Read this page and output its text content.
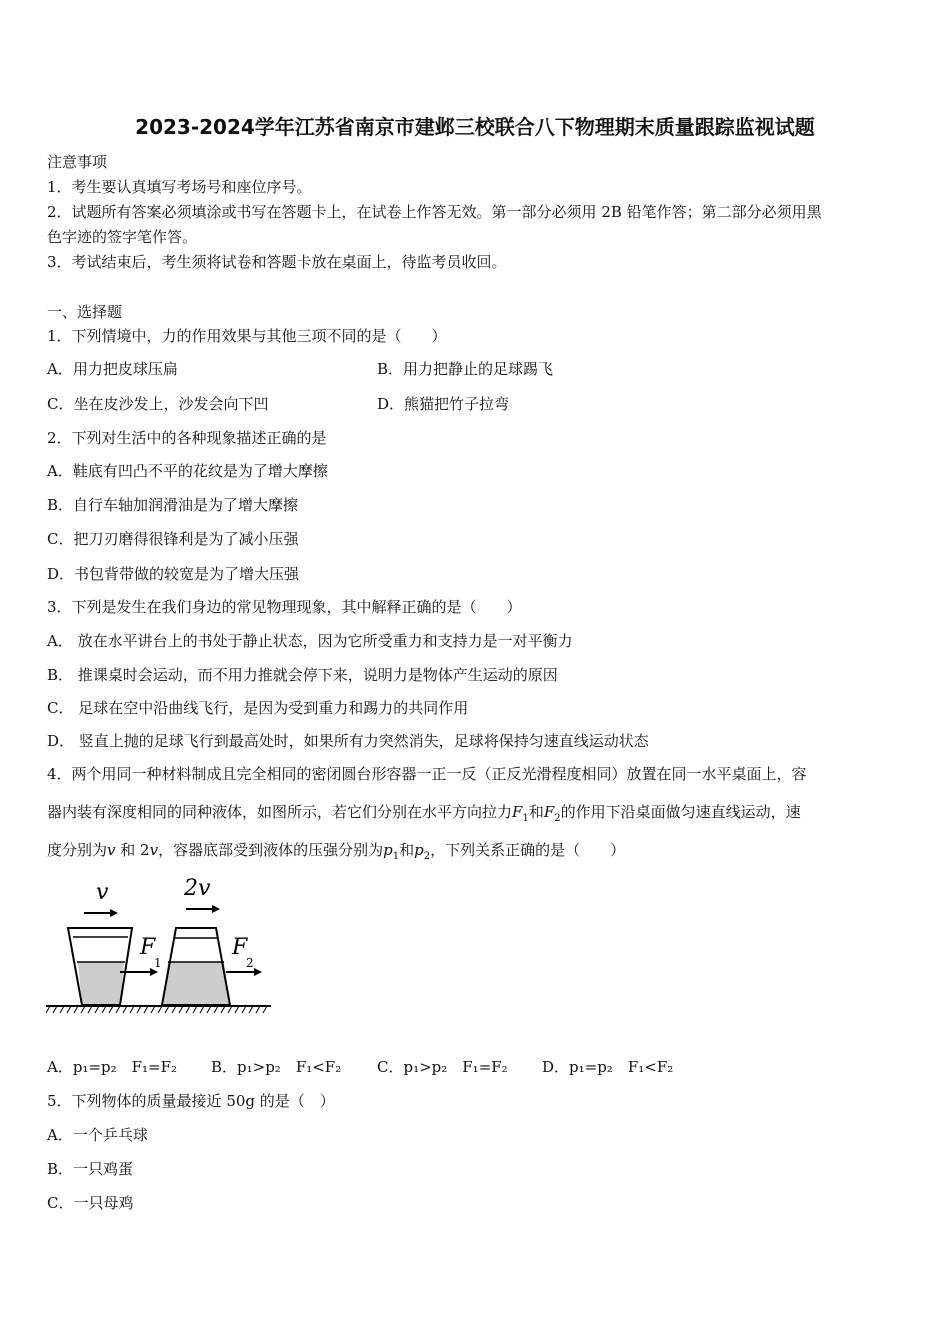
2023-2024学年江苏省南京市建邺三校联合八下物理期末质量跟踪监视试题
注意事项
1．考生要认真填写考场号和座位序号。
2．试题所有答案必须填涂或书写在答题卡上，在试卷上作答无效。第一部分必须用 2B 铅笔作答；第二部分必须用黑
色字迹的签字笔作答。
3．考试结束后，考生须将试卷和答题卡放在桌面上，待监考员收回。
一、选择题
1．下列情境中，力的作用效果与其他三项不同的是（　　）
A．用力把皮球压扁	B．用力把静止的足球踢飞
C．坐在皮沙发上，沙发会向下凹	D．熊猫把竹子拉弯
2．下列对生活中的各种现象描述正确的是
A．鞋底有凹凸不平的花纹是为了增大摩擦
B．自行车轴加润滑油是为了增大摩擦
C．把刀刃磨得很锋利是为了减小压强
D．书包背带做的较宽是为了增大压强
3．下列是发生在我们身边的常见物理现象，其中解释正确的是（　　）
A． 放在水平讲台上的书处于静止状态，因为它所受重力和支持力是一对平衡力
B． 推课桌时会运动，而不用力推就会停下来，说明力是物体产生运动的原因
C． 足球在空中沿曲线飞行，是因为受到重力和踢力的共同作用
D． 竖直上抛的足球飞行到最高处时，如果所有力突然消失，足球将保持匀速直线运动状态
4．两个用同一种材料制成且完全相同的密闭圆台形容器一正一反（正反光滑程度相同）放置在同一水平桌面上，容
器内装有深度相同的同种液体，如图所示，若它们分别在水平方向拉力$F_1$和$F_2$的作用下沿桌面做匀速直线运动，速
度分别为v 和 2v，容器底部受到液体的压强分别为$p_1$和$p_2$，下列关系正确的是（　　）
v
F
1
2v
F
2
A．p₁=p₂　F₁=F₂ B．p₁>p₂　F₁<F₂ C．p₁>p₂　F₁=F₂ D．p₁=p₂　F₁<F₂
5．下列物体的质量最接近 50g 的是（　）
A．一个乒乓球
B．一只鸡蛋
C．一只母鸡
